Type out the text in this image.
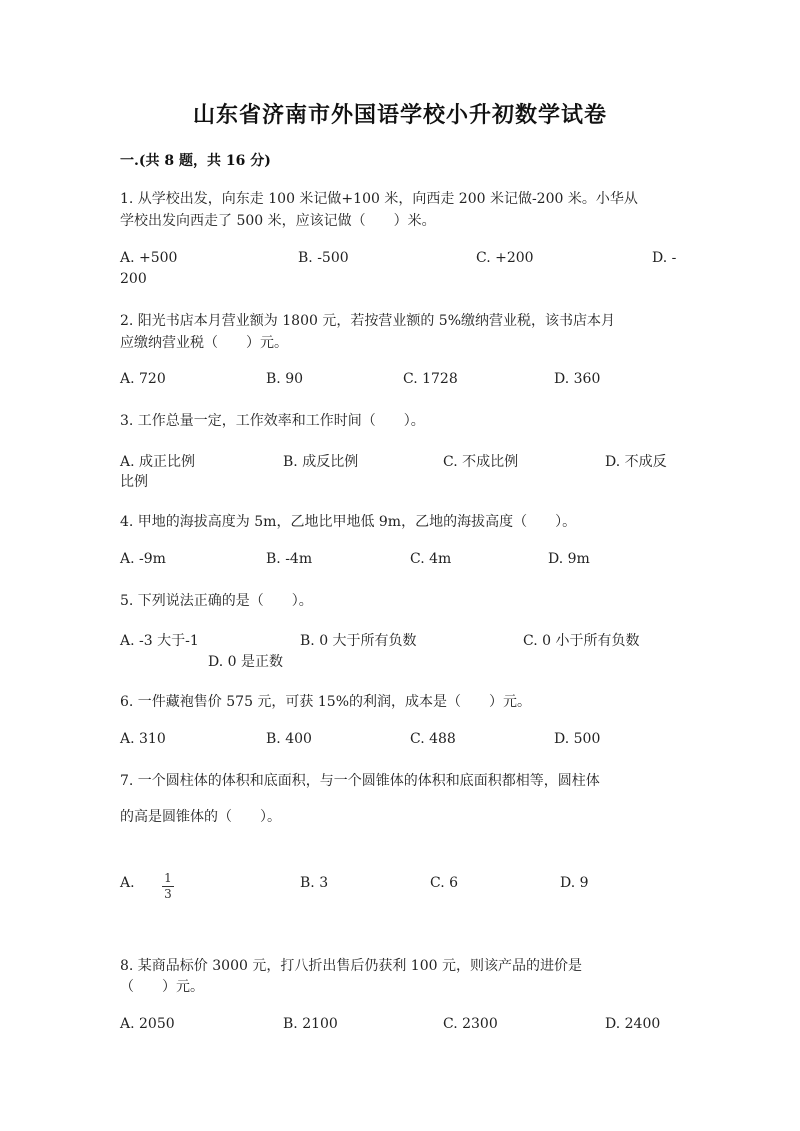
山东省济南市外国语学校小升初数学试卷
一.(共 8 题，共 16 分)
1. 从学校出发，向东走 100 米记做+100 米，向西走 200 米记做-200 米。小华从
学校出发向西走了 500 米，应该记做（　　）米。
A. +500	B. -500	C. +200	D. -
200
2. 阳光书店本月营业额为 1800 元，若按营业额的 5%缴纳营业税，该书店本月
应缴纳营业税（　　）元。
A. 720	B. 90	C. 1728	D. 360
3. 工作总量一定，工作效率和工作时间（　　）。
A. 成正比例	B. 成反比例	C. 不成比例	D. 不成反
比例
4. 甲地的海拔高度为 5m，乙地比甲地低 9m，乙地的海拔高度（　　）。
A. -9m	B. -4m	C. 4m	D. 9m
5. 下列说法正确的是（　　）。
A. -3 大于-1	B. 0 大于所有负数	C. 0 小于所有负数
D. 0 是正数
6. 一件藏袍售价 575 元，可获 15%的利润，成本是（　　）元。
A. 310	B. 400	C. 488	D. 500
7. 一个圆柱体的体积和底面积，与一个圆锥体的体积和底面积都相等，圆柱体
的高是圆锥体的（　　）。
A. 1
3
B. 3	C. 6	D. 9
8. 某商品标价 3000 元，打八折出售后仍获利 100 元，则该产品的进价是
（　　）元。
A. 2050	B. 2100	C. 2300	D. 2400
